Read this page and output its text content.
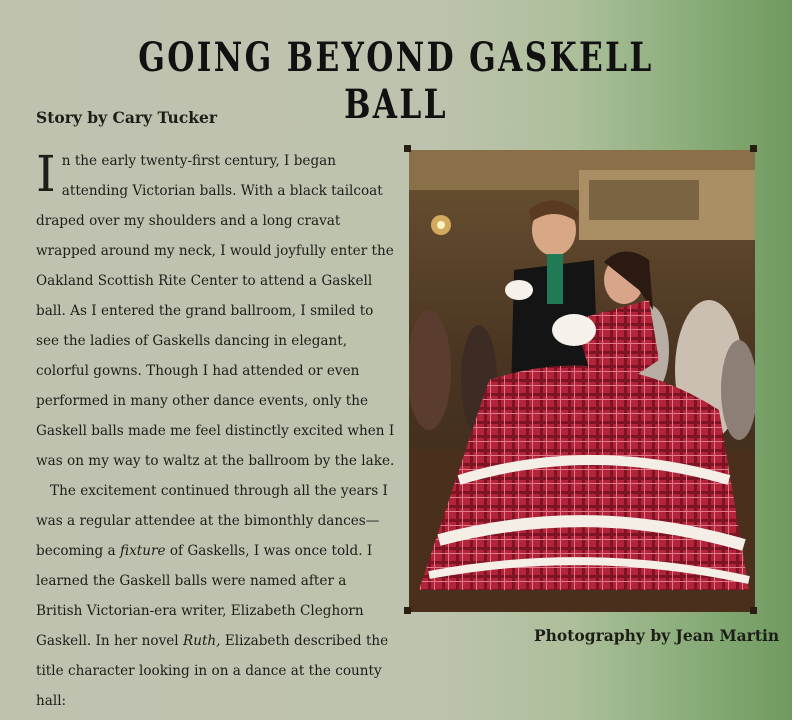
GOING BEYOND GASKELL BALL
Story by Cary Tucker

In the early twenty-first century, I began attending Victorian balls. With a black tailcoat draped over my shoulders and a long cravat wrapped around my neck, I would joyfully enter the Oakland Scottish Rite Center to attend a Gaskell ball. As I entered the grand ballroom, I smiled to see the ladies of Gaskells dancing in elegant, colorful gowns. Though I had attended or even performed in many other dance events, only the Gaskell balls made me feel distinctly excited when I was on my way to waltz at the ballroom by the lake.

The excitement continued through all the years I was a regular attendee at the bimonthly dances—becoming a fixture of Gaskells, I was once told. I learned the Gaskell balls were named after a British Victorian-era writer, Elizabeth Cleghorn Gaskell. In her novel Ruth, Elizabeth described the title character looking in on a dance at the county hall:

Photography by Jean Martin
